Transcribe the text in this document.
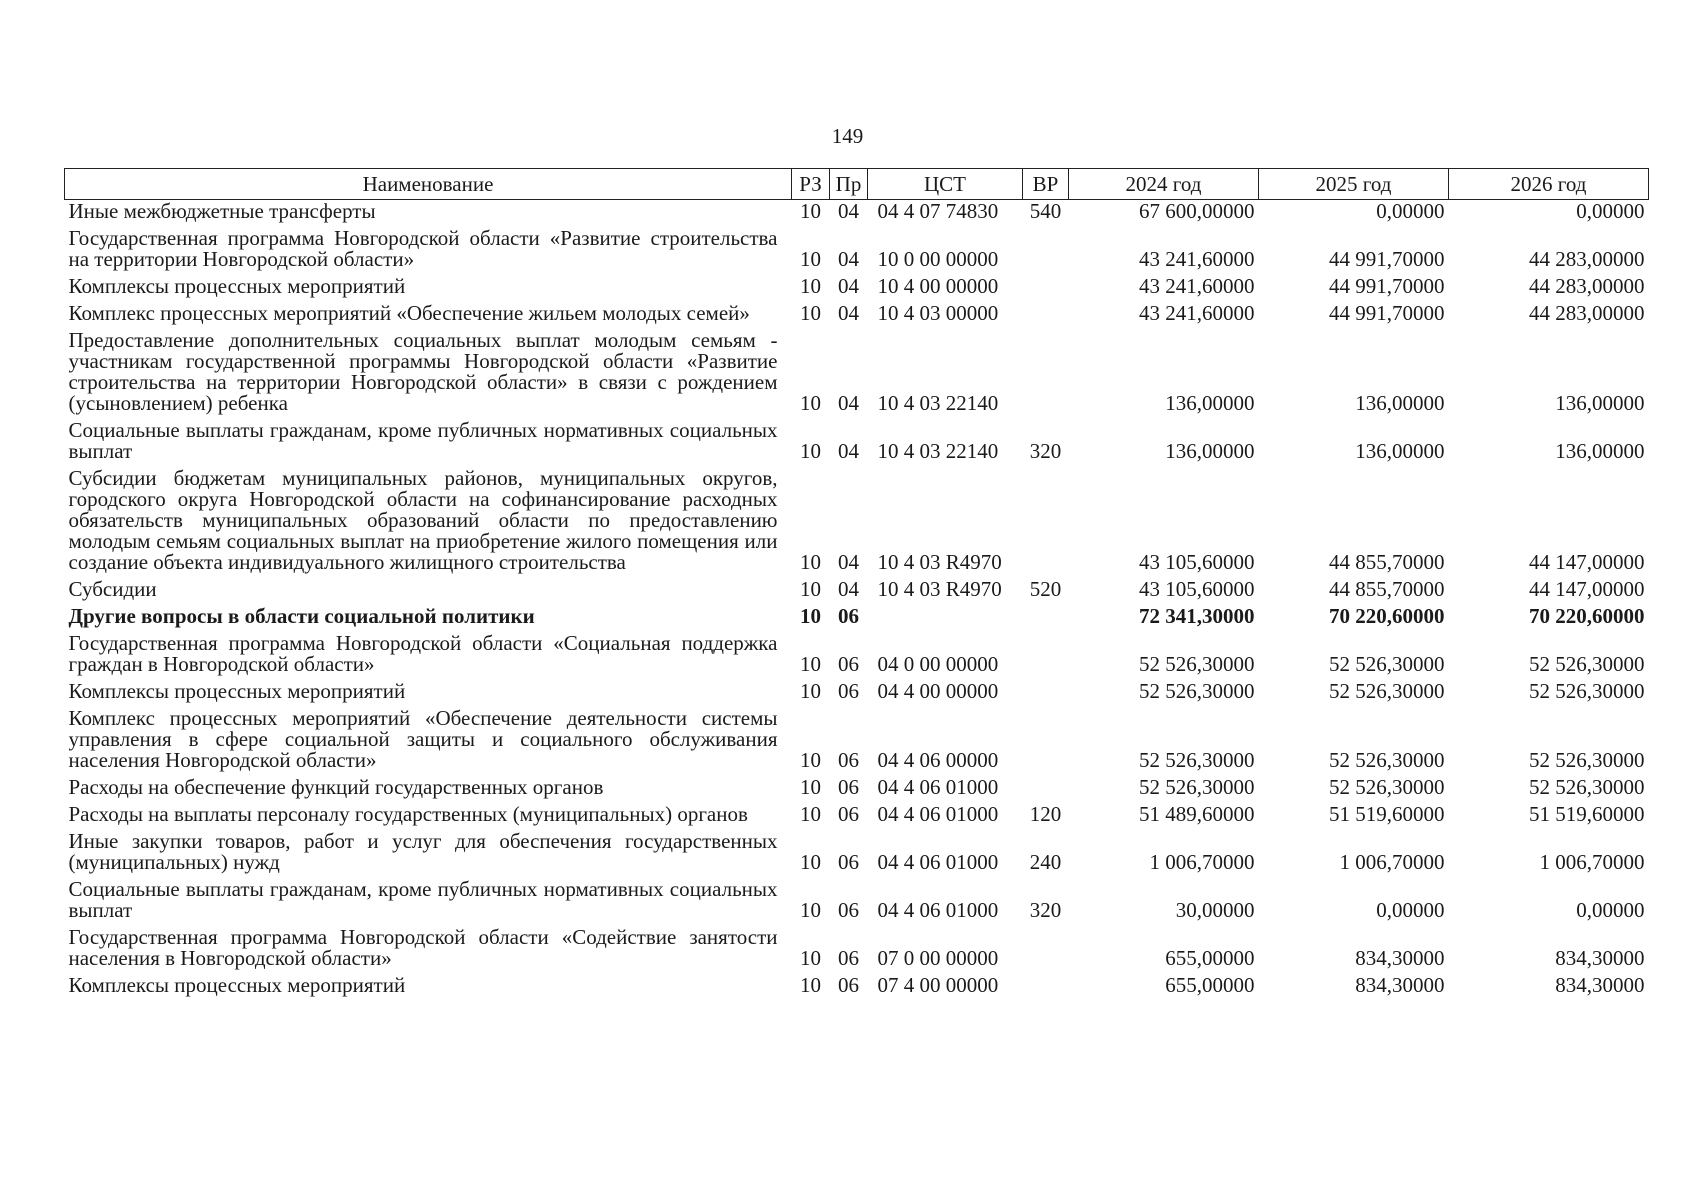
149
Наименование	РЗ	Пр	ЦСТ	ВР	2024 год	2025 год	2026 год
Иные межбюджетные трансферты	10	04	04 4 07 74830	540	67 600,00000	0,00000	0,00000
Государственная программа Новгородской области «Развитие строительства на территории Новгородской области»	10	04	10 0 00 00000		43 241,60000	44 991,70000	44 283,00000
Комплексы процессных мероприятий	10	04	10 4 00 00000		43 241,60000	44 991,70000	44 283,00000
Комплекс процессных мероприятий «Обеспечение жильем молодых семей»	10	04	10 4 03 00000		43 241,60000	44 991,70000	44 283,00000
Предоставление дополнительных социальных выплат молодым семьям - участникам государственной программы Новгородской области «Развитие строительства на территории Новгородской области» в связи с рождением (усыновлением) ребенка	10	04	10 4 03 22140		136,00000	136,00000	136,00000
Социальные выплаты гражданам, кроме публичных нормативных социальных выплат	10	04	10 4 03 22140	320	136,00000	136,00000	136,00000
Субсидии бюджетам муниципальных районов, муниципальных округов, городского округа Новгородской области на софинансирование расходных обязательств муниципальных образований области по предоставлению молодым семьям социальных выплат на приобретение жилого помещения или создание объекта индивидуального жилищного строительства	10	04	10 4 03 R4970		43 105,60000	44 855,70000	44 147,00000
Субсидии	10	04	10 4 03 R4970	520	43 105,60000	44 855,70000	44 147,00000
Другие вопросы в области социальной политики	10	06			72 341,30000	70 220,60000	70 220,60000
Государственная программа Новгородской области «Социальная поддержка граждан в Новгородской области»	10	06	04 0 00 00000		52 526,30000	52 526,30000	52 526,30000
Комплексы процессных мероприятий	10	06	04 4 00 00000		52 526,30000	52 526,30000	52 526,30000
Комплекс процессных мероприятий «Обеспечение деятельности системы управления в сфере социальной защиты и социального обслуживания населения Новгородской области»	10	06	04 4 06 00000		52 526,30000	52 526,30000	52 526,30000
Расходы на обеспечение функций государственных органов	10	06	04 4 06 01000		52 526,30000	52 526,30000	52 526,30000
Расходы на выплаты персоналу государственных (муниципальных) органов	10	06	04 4 06 01000	120	51 489,60000	51 519,60000	51 519,60000
Иные закупки товаров, работ и услуг для обеспечения государственных (муниципальных) нужд	10	06	04 4 06 01000	240	1 006,70000	1 006,70000	1 006,70000
Социальные выплаты гражданам, кроме публичных нормативных социальных выплат	10	06	04 4 06 01000	320	30,00000	0,00000	0,00000
Государственная программа Новгородской области «Содействие занятости населения в Новгородской области»	10	06	07 0 00 00000		655,00000	834,30000	834,30000
Комплексы процессных мероприятий	10	06	07 4 00 00000		655,00000	834,30000	834,30000
